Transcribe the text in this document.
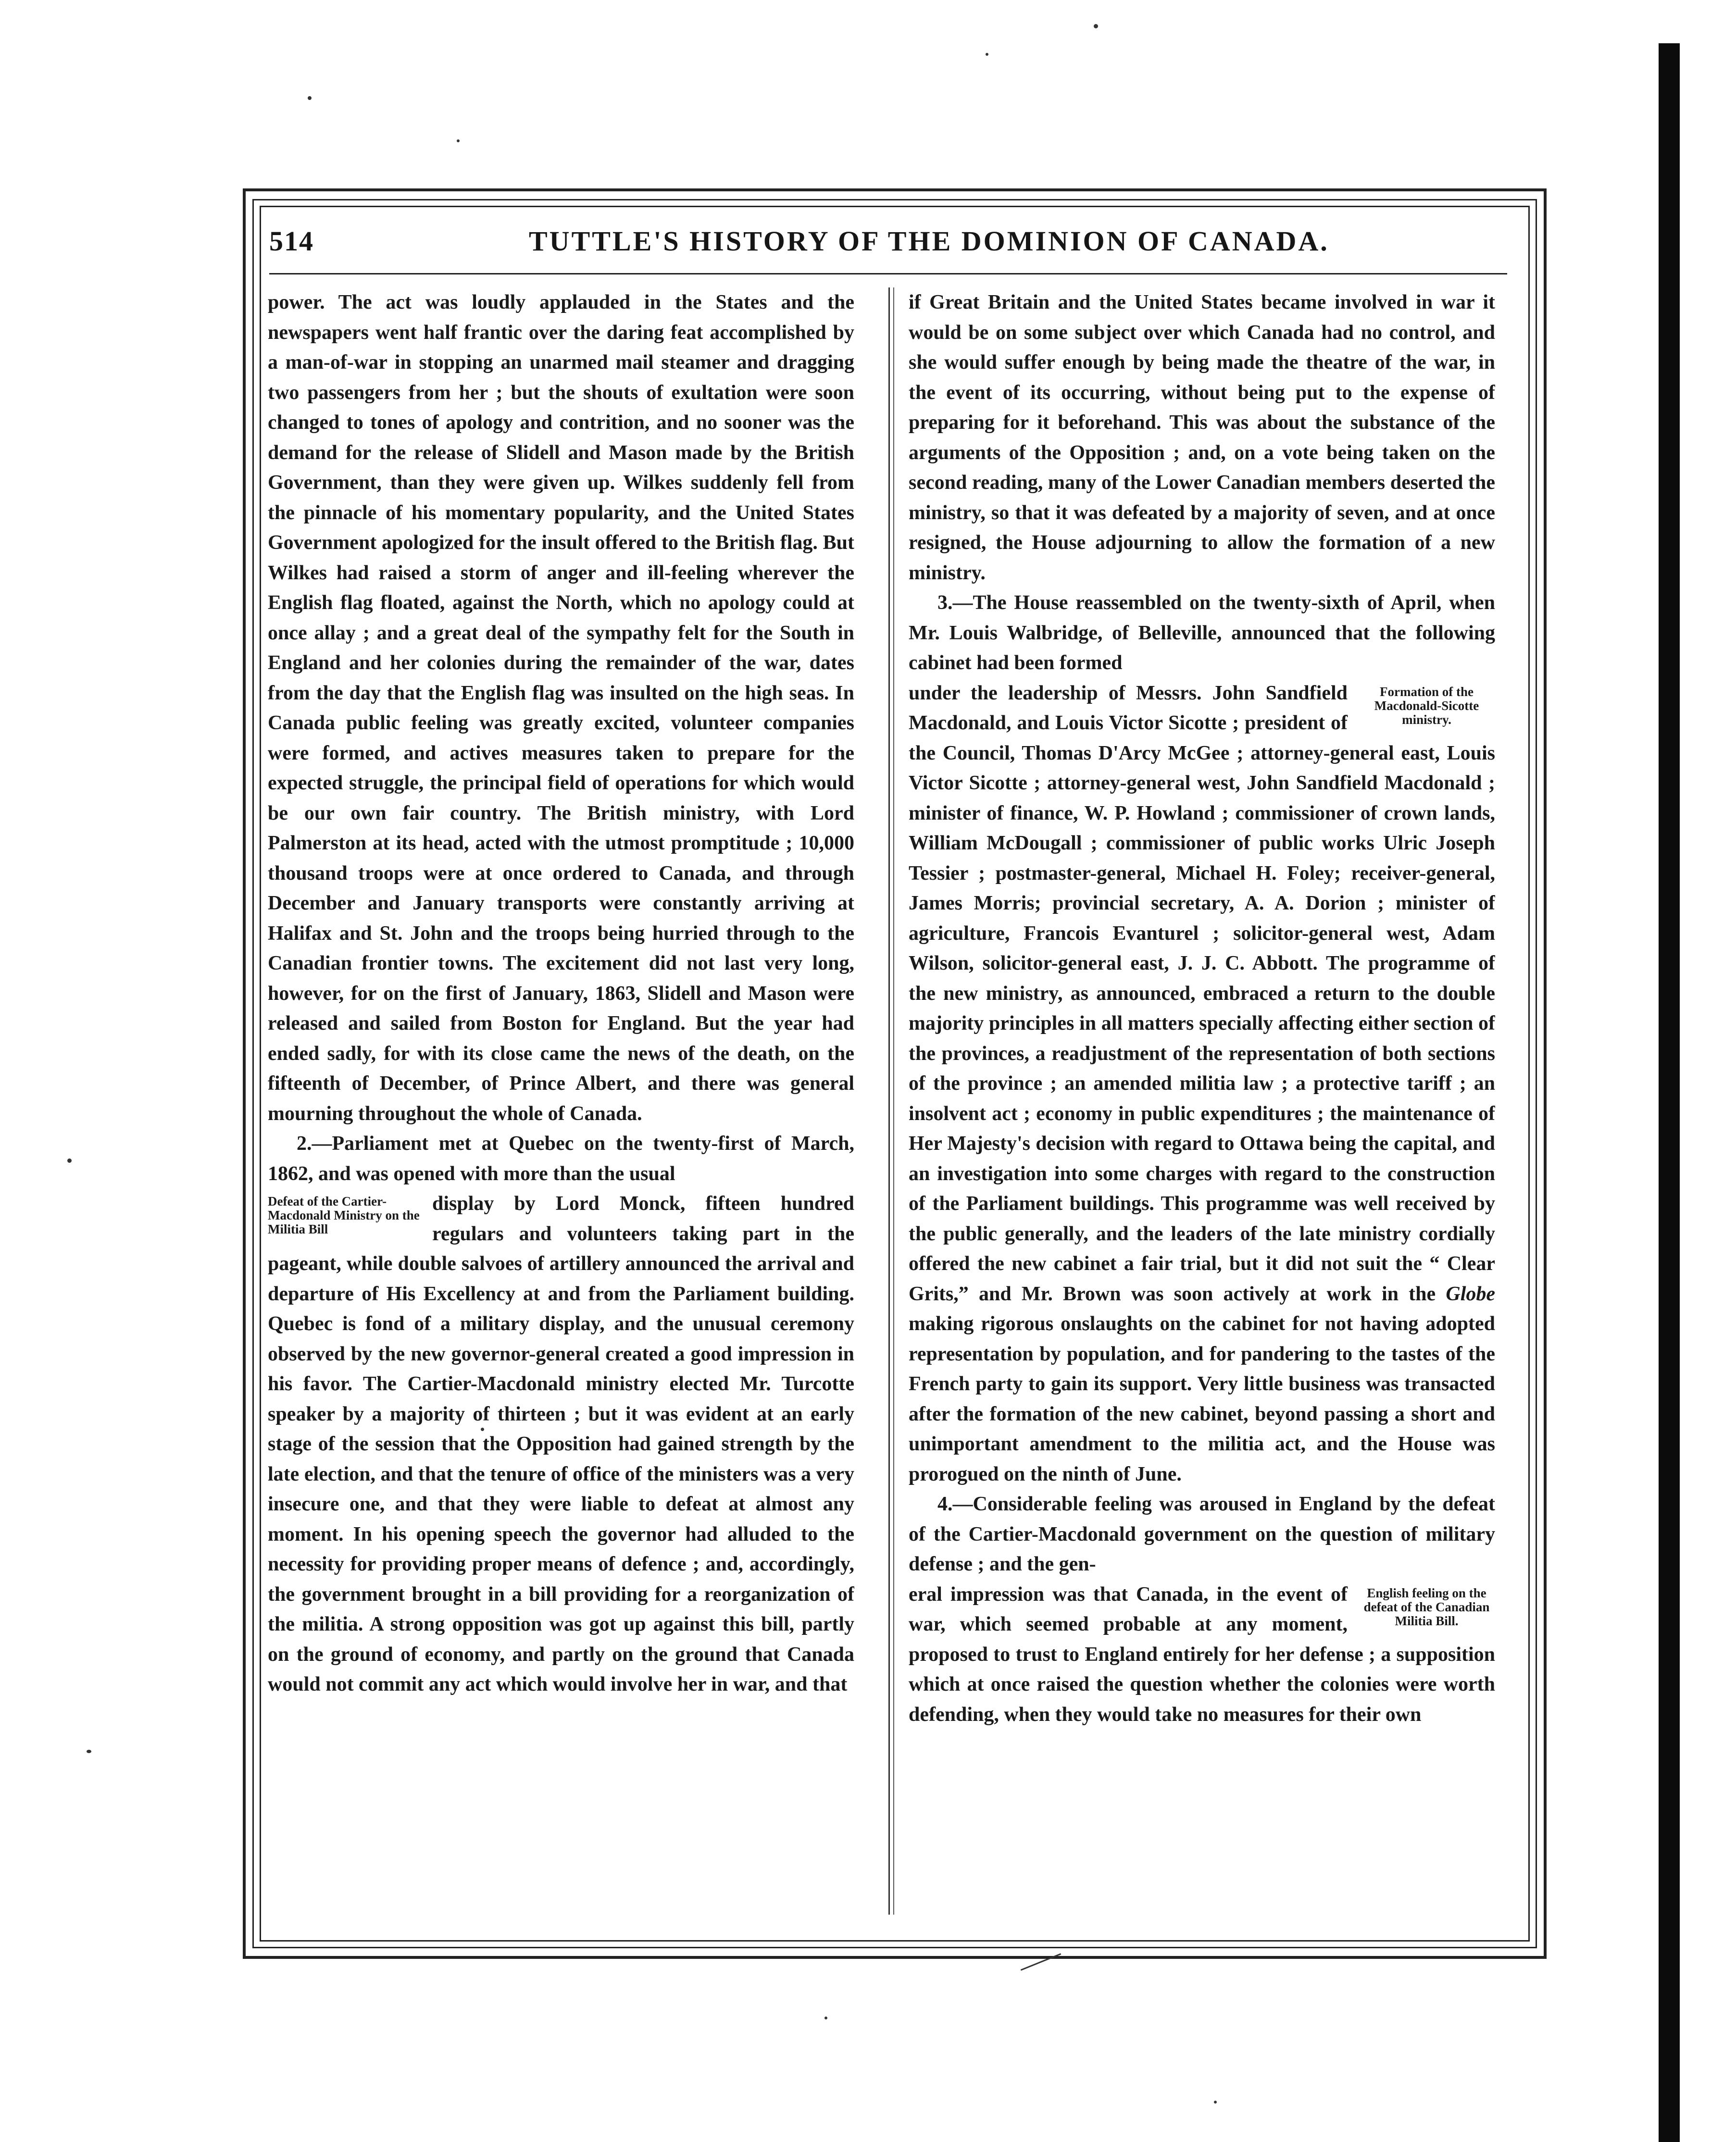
514	TUTTLE'S HISTORY OF THE DOMINION OF CANADA.

power. The act was loudly applauded in the States and the newspapers went half frantic over the daring feat accomplished by a man-of-war in stopping an unarmed mail steamer and dragging two passengers from her ; but the shouts of exultation were soon changed to tones of apology and contrition, and no sooner was the demand for the release of Slidell and Mason made by the British Government, than they were given up. Wilkes suddenly fell from the pinnacle of his momentary popularity, and the United States Government apologized for the insult offered to the British flag. But Wilkes had raised a storm of anger and ill-feeling wherever the English flag floated, against the North, which no apology could at once allay ; and a great deal of the sympathy felt for the South in England and her colonies during the remainder of the war, dates from the day that the English flag was insulted on the high seas. In Canada public feeling was greatly excited, volunteer companies were formed, and actives measures taken to prepare for the expected struggle, the principal field of operations for which would be our own fair country. The British ministry, with Lord Palmerston at its head, acted with the utmost promptitude ; 10,000 thousand troops were at once ordered to Canada, and through December and January transports were constantly arriving at Halifax and St. John and the troops being hurried through to the Canadian frontier towns. The excitement did not last very long, however, for on the first of January, 1863, Slidell and Mason were released and sailed from Boston for England. But the year had ended sadly, for with its close came the news of the death, on the fifteenth of December, of Prince Albert, and there was general mourning throughout the whole of Canada.

2.—Parliament met at Quebec on the twenty-first of March, 1862, and was opened with more than the usual

Defeat of the Cartier-Macdonald Ministry on the Militia Bill

display by Lord Monck, fifteen hundred regulars and volunteers taking part in the pageant, while double salvoes of artillery announced the arrival and departure of His Excellency at and from the Parliament building. Quebec is fond of a military display, and the unusual ceremony observed by the new governor-general created a good impression in his favor. The Cartier-Macdonald ministry elected Mr. Turcotte speaker by a majority of thirteen ; but it was evident at an early stage of the session that the Opposition had gained strength by the late election, and that the tenure of office of the ministers was a very insecure one, and that they were liable to defeat at almost any moment. In his opening speech the governor had alluded to the necessity for providing proper means of defence ; and, accordingly, the government brought in a bill providing for a reorganization of the militia. A strong opposition was got up against this bill, partly on the ground of economy, and partly on the ground that Canada would not commit any act which would involve her in war, and that

if Great Britain and the United States became involved in war it would be on some subject over which Canada had no control, and she would suffer enough by being made the theatre of the war, in the event of its occurring, without being put to the expense of preparing for it beforehand. This was about the substance of the arguments of the Opposition ; and, on a vote being taken on the second reading, many of the Lower Canadian members deserted the ministry, so that it was defeated by a majority of seven, and at once resigned, the House adjourning to allow the formation of a new ministry.

3.—The House reassembled on the twenty-sixth of April, when Mr. Louis Walbridge, of Belleville, announced that the following cabinet had been formed

Formation of the Macdonald-Sicotte ministry.

under the leadership of Messrs. John Sandfield Macdonald, and Louis Victor Sicotte ; president of the Council, Thomas D'Arcy McGee ; attorney-general east, Louis Victor Sicotte ; attorney-general west, John Sandfield Macdonald ; minister of finance, W. P. Howland ; commissioner of crown lands, William McDougall ; commissioner of public works Ulric Joseph Tessier ; postmaster-general, Michael H. Foley; receiver-general, James Morris; provincial secretary, A. A. Dorion ; minister of agriculture, Francois Evanturel ; solicitor-general west, Adam Wilson, solicitor-general east, J. J. C. Abbott. The programme of the new ministry, as announced, embraced a return to the double majority principles in all matters specially affecting either section of the provinces, a readjustment of the representation of both sections of the province ; an amended militia law ; a protective tariff ; an insolvent act ; economy in public expenditures ; the maintenance of Her Majesty's decision with regard to Ottawa being the capital, and an investigation into some charges with regard to the construction of the Parliament buildings. This programme was well received by the public generally, and the leaders of the late ministry cordially offered the new cabinet a fair trial, but it did not suit the “ Clear Grits,” and Mr. Brown was soon actively at work in the Globe making rigorous onslaughts on the cabinet for not having adopted representation by population, and for pandering to the tastes of the French party to gain its support. Very little business was transacted after the formation of the new cabinet, beyond passing a short and unimportant amendment to the militia act, and the House was prorogued on the ninth of June.

4.—Considerable feeling was aroused in England by the defeat of the Cartier-Macdonald government on the question of military defense ; and the gen-

English feeling on the defeat of the Canadian Militia Bill.

eral impression was that Canada, in the event of war, which seemed probable at any moment, proposed to trust to England entirely for her defense ; a supposition which at once raised the question whether the colonies were worth defending, when they would take no measures for their own
